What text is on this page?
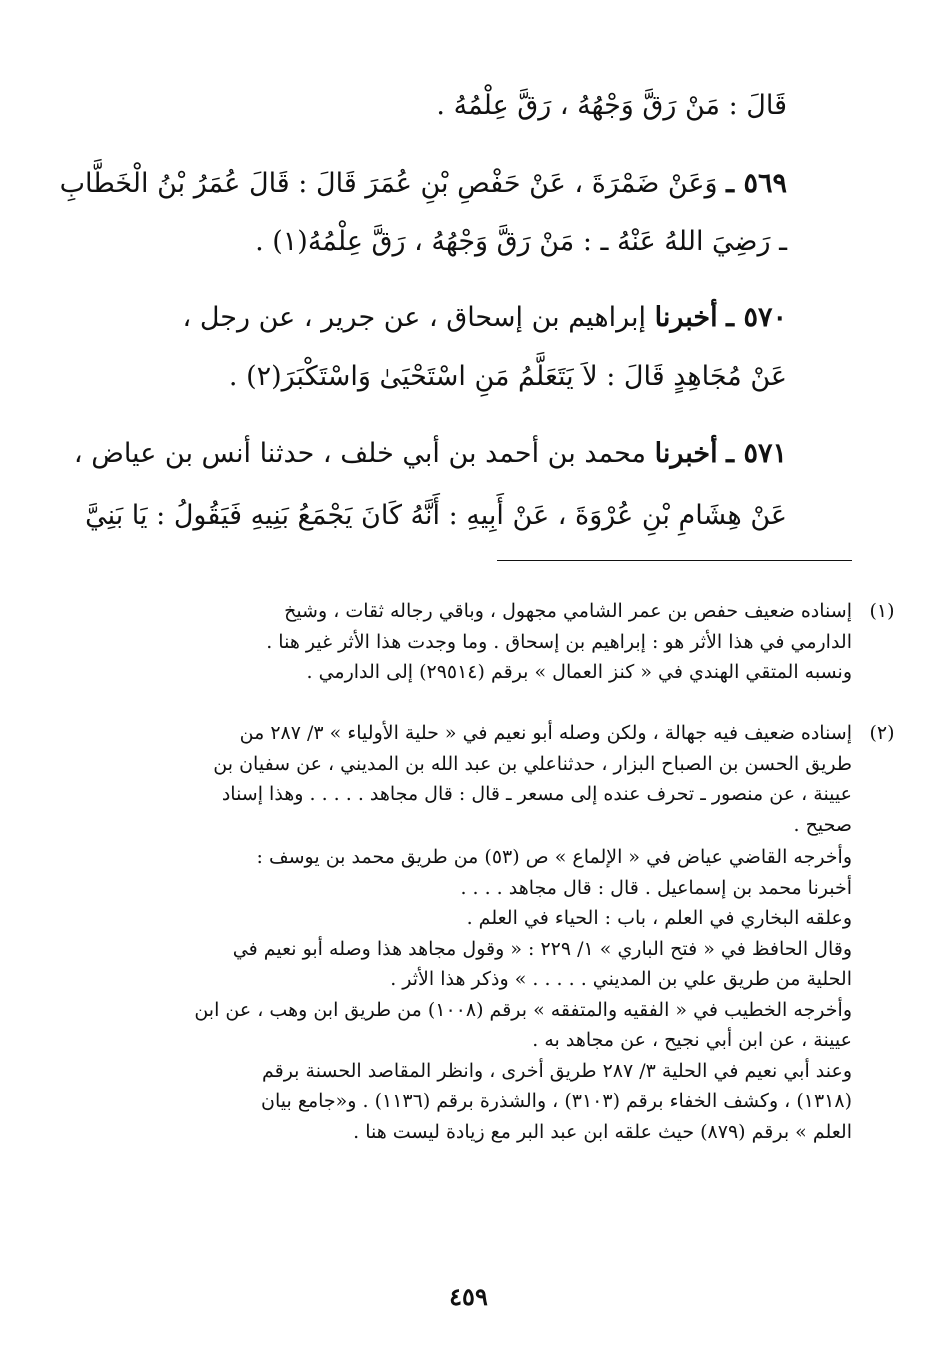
قَالَ : مَنْ رَقَّ وَجْهُهُ ، رَقَّ عِلْمُهُ .
٥٦٩ ـ وَعَنْ ضَمْرَةَ ، عَنْ حَفْصِ بْنِ عُمَرَ قَالَ : قَالَ عُمَرُ بْنُ الْخَطَّابِ
ـ رَضِيَ اللهُ عَنْهُ ـ : مَنْ رَقَّ وَجْهُهُ ، رَقَّ عِلْمُهُ(١) .
٥٧٠ ـ أخبرنا إبراهيم بن إسحاق ، عن جرير ، عن رجل ،
عَنْ مُجَاهِدٍ قَالَ : لاَ يَتَعَلَّمُ مَنِ اسْتَحْيَىٰ وَاسْتَكْبَرَ(٢) .
٥٧١ ـ أخبرنا محمد بن أحمد بن أبي خلف ، حدثنا أنس بن عياض ،
عَنْ هِشَامِ بْنِ عُرْوَةَ ، عَنْ أَبِيهِ : أَنَّهُ كَانَ يَجْمَعُ بَنِيهِ فَيَقُولُ : يَا بَنِيَّ
(١)

إسناده ضعيف حفص بن عمر الشامي مجهول ، وباقي رجاله ثقات ، وشيخ

الدارمي في هذا الأثر هو : إبراهيم بن إسحاق . وما وجدت هذا الأثر غير هنا .

ونسبه المتقي الهندي في « كنز العمال » برقم (٢٩٥١٤) إلى الدارمي .

(٢)

إسناده ضعيف فيه جهالة ، ولكن وصله أبو نعيم في « حلية الأولياء » ٣/ ٢٨٧ من

طريق الحسن بن الصباح البزار ، حدثناعلي بن عبد الله بن المديني ، عن سفيان بن

عيينة ، عن منصور ـ تحرف عنده إلى مسعر ـ قال : قال مجاهد . . . . . وهذا إسناد

صحيح .

وأخرجه القاضي عياض في « الإلماع » ص (٥٣) من طريق محمد بن يوسف :

أخبرنا محمد بن إسماعيل . قال : قال مجاهد . . . .

وعلقه البخاري في العلم ، باب : الحياء في العلم .

وقال الحافظ في « فتح الباري » ١/ ٢٢٩ : « وقول مجاهد هذا وصله أبو نعيم في

الحلية من طريق علي بن المديني . . . . . » وذكر هذا الأثر .

وأخرجه الخطيب في « الفقيه والمتفقه » برقم (١٠٠٨) من طريق ابن وهب ، عن ابن

عيينة ، عن ابن أبي نجيح ، عن مجاهد به .

وعند أبي نعيم في الحلية ٣/ ٢٨٧ طريق أخرى ، وانظر المقاصد الحسنة برقم

(١٣١٨) ، وكشف الخفاء برقم (٣١٠٣) ، والشذرة برقم (١١٣٦) . و«جامع بيان

العلم » برقم (٨٧٩) حيث علقه ابن عبد البر مع زيادة ليست هنا .

٤٥٩
